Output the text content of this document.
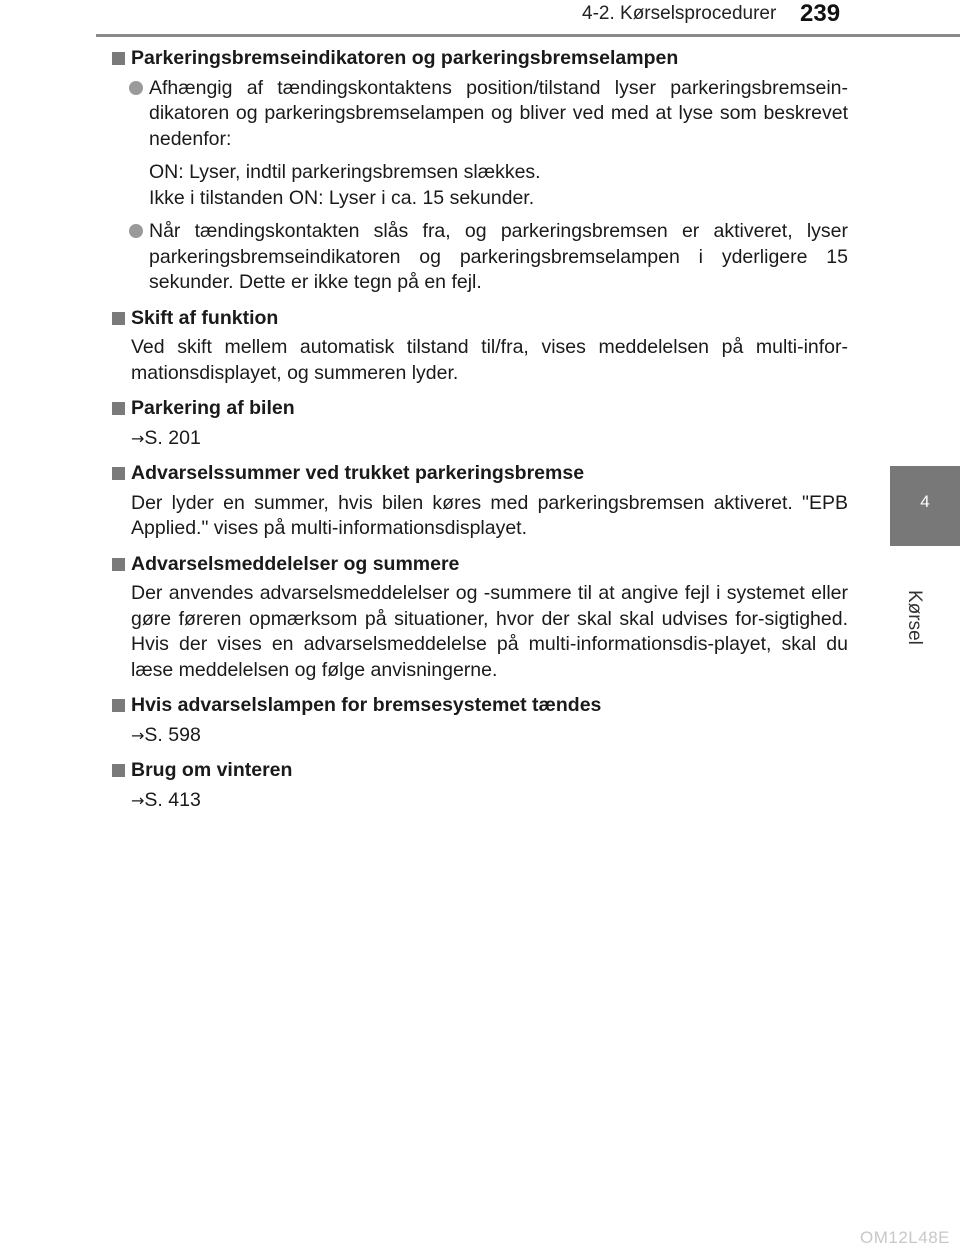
4-2. Kørselsprocedurer 239
4
Kørsel
Parkeringsbremseindikatoren og parkeringsbremselampen
Afhængig af tændingskontaktens position/tilstand lyser parkeringsbremsein-dikatoren og parkeringsbremselampen og bliver ved med at lyse som beskrevet nedenfor:
ON: Lyser, indtil parkeringsbremsen slækkes.
Ikke i tilstanden ON: Lyser i ca. 15 sekunder.
Når tændingskontakten slås fra, og parkeringsbremsen er aktiveret, lyser parkeringsbremseindikatoren og parkeringsbremselampen i yderligere 15 sekunder. Dette er ikke tegn på en fejl.
Skift af funktion
Ved skift mellem automatisk tilstand til/fra, vises meddelelsen på multi-infor-mationsdisplayet, og summeren lyder.
Parkering af bilen
→S. 201
Advarselssummer ved trukket parkeringsbremse
Der lyder en summer, hvis bilen køres med parkeringsbremsen aktiveret. "EPB Applied." vises på multi-informationsdisplayet.
Advarselsmeddelelser og summere
Der anvendes advarselsmeddelelser og -summere til at angive fejl i systemet eller gøre føreren opmærksom på situationer, hvor der skal skal udvises for-sigtighed. Hvis der vises en advarselsmeddelelse på multi-informationsdis-playet, skal du læse meddelelsen og følge anvisningerne.
Hvis advarselslampen for bremsesystemet tændes
→S. 598
Brug om vinteren
→S. 413
OM12L48E
